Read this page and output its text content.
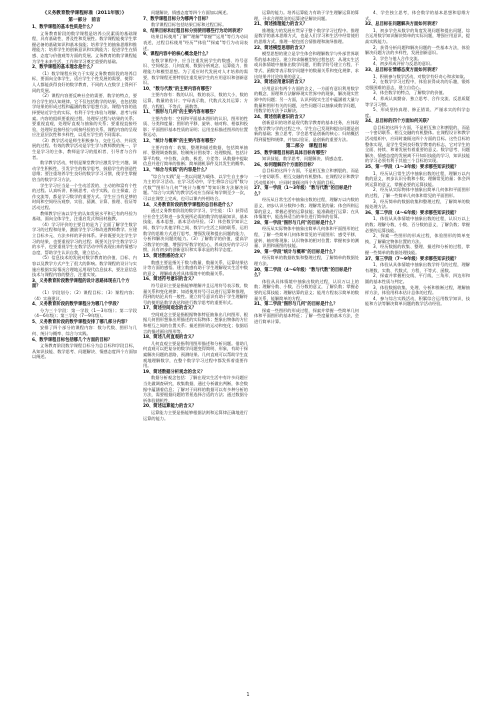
《义务教育数学课程标准（2011年版）》

第一部分　前言

1、数学课程的基本性质是什么？

义务教育阶段的数学课程是培养公民素质的基础课程，具有基础性、普及性和发展性。数学课程能使学生掌握必备的基础知识和基本技能；培养学生的抽象思维和推理能力；培养学生的创新意识和实践能力；促进学生在情感、态度与价值观等方面的发展。义务教育的数学课程能为学生未来生活、工作和学习奠定重要的基础。

2、数学课程的基本理念是什么？

（1）数学课程应致力于实现义务教育阶段的培养目标，要面向全体学生，适应学生个性发展的需要，使得：人人都能获得良好的数学教育，不同的人在数学上得到不同的发展。

（2）课程内容要反映社会的需要、数学的特点，要符合学生的认知规律。它不仅包括数学的结果，也包括数学结果的形成过程和蕴涵的数学思想方法。课程内容的选择要贴近学生的实际，有利于学生体验与理解、思考与探索。内容的组织要重视过程，处理好过程与结果的关系；要重视直观，处理好直观与抽象的关系；要重视直接经验，处理好直接经验与间接经验的关系。课程内容的呈现应注意层次性和多样性，以适应学生的不同需求。

（3）教学活动是师生积极参与、交往互动、共同发展的过程。有效的教学活动是学生学与教师教的统一，学生是学习的主体，教师是学习的组织者、引导者与合作者。

数学教学活动，特别是课堂教学应激发学生兴趣，调动学生积极性，引发学生的数学思考，鼓励学生的创造性思维；要注重培养学生良好的数学学习习惯，使学生掌握恰当的数学学习方法。

学生学习应当是一个生动活泼的、主动的和富有个性的过程。认真听讲、积极思考、动手实践、自主探索、合作交流等，都是学习数学的重要方式。学生应当有足够的时间和空间经历观察、实验、猜测、计算、推理、验证等活动过程。

教师教学应该以学生的认知发展水平和已有的经验为基础，面向全体学生，注重启发式和因材施教。

（4）学习评价的主要目的是为了全面了解学生数学学习的过程和结果，激励学生学习和改进教师教学。应建立目标多元、方法多样的评价体系。评价既要关注学生学习的结果，也要重视学习的过程；既要关注学生数学学习的水平，也要重视学生在数学活动中所表现出来的情感与态度，帮助学生认识自我，建立信心。

（5）信息技术的发展对数学教育的价值、目标、内容以及教学方式产生了很大的影响。数学课程的设计与实施应根据实际情况合理地运用现代信息技术，要注意信息技术与课程内容的整合，注重实效。

3、义务教育阶段数学课程的设计思路体现在几个方面？

（1）学段划分；（2）课程目标；（3）课程内容；（4）实施建议。

4、义务教育阶段的数学课程分为哪几个学段？

分为三个学段：第一学段（1～3年级）；第二学段（4～6年级）；第三学段（7～9年级）。

5、义务教育阶段的数学课程安排了哪几部分内容？

安排了四个部分的课程内容：数与代数、图形与几何、统计与概率、综合与实践。

6、数学课程目标包括哪几个方面的目标？

义务教育阶段数学课程目标分为总目标和学段目标，从知识技能、数学思考、问题解决、情感态度四个方面加以阐述。

问题解决、情感态度等四个方面加以阐述。

7、数学课程目标分为哪两个目标？

数学课程目标包括结果目标和过程目标。

8、结果目标和过程目标分别使用哪些行为动词表述？

结果目标使用"了解""理解""掌握""运用"等行为动词表述，过程目标使用"经历""体验""探索"等行为动词表述。

9、课程内容中的核心概念是什么？

在数学课程中，应当注重发展学生的数感、符号意识、空间观念、几何直观、数据分析观念、运算能力、推理能力和模型思想。为了适应时代发展对人才培养的需要，数学课程还要特别注重发展学生的应用意识和创新意识。

10、"数与代数"的主要内容有哪些？

主要内容有：数的认识，数的表示，数的大小，数的运算，数量的估计；字母表示数，代数式及其运算；方程、方程组、不等式、函数等。

11、"图形与几何"的主要内容有哪些？

主要内容有：空间和平面基本图形的认识，图形的性质、分类和度量；图形的平移、旋转、轴对称、相似和投影；平面图形基本性质的证明；运用坐标描述图形的位置和运动。

12、"统计与概率"的主要内容有哪些？

主要内容有：收集、整理和描述数据，包括简单抽样、整理调查数据、绘制统计图表等；处理数据，包括计算平均数、中位数、众数、极差、方差等；从数据中提取信息并进行简单的推断；简单随机事件及其发生的概率。

13、"综合与实践"的内容是什么？

"综合与实践"是一类以问题为载体、以学生自主参与为主的学习活动。在学习活动中，学生将综合运用"数与代数""图形与几何""统计与概率"等知识和方法解决问题。"综合与实践"的教学活动应当保证每学期至少一次，可以在课堂上完成，也可以课内外相结合。

14、义务教育阶段的数学课程的总目标是什么？

通过义务教育阶段的数学学习，学生能：（1）获得适应社会生活和进一步发展所必需的数学的基础知识、基本技能、基本思想、基本活动经验。（2）体会数学知识之间、数学与其他学科之间、数学与生活之间的联系，运用数学的思维方式进行思考，增强发现和提出问题的能力、分析和解决问题的能力。（3）了解数学的价值，提高学习数学的兴趣，增强学好数学的信心，养成良好的学习习惯，具有初步的创新意识和实事求是的科学态度。

15、简述数感的含义？

数感主要是指关于数与数量、数量关系、运算结果估计等方面的感悟。建立数感有助于学生理解现实生活中数的意义，理解或表述具体情境中的数量关系。

16、简述符号意识的含义？

符号意识主要是指能够理解并且运用符号表示数、数量关系和变化规律；知道使用符号可以进行运算和推理，得到的结论具有一般性。建立符号意识有助于学生理解符号的使用是数学表达和进行数学思考的重要形式。

17、简述空间观念的含义？

空间观念主要是指根据物体特征抽象出几何图形，根据几何图形想象出所描述的实际物体；想象出物体的方位和相互之间的位置关系；描述图形的运动和变化；依据语言的描述画出图形等。

18、简述几何直观的含义？

几何直观主要是指利用图形描述和分析问题。借助几何直观可以把复杂的数学问题变得简明、形象，有助于探索解决问题的思路，预测结果。几何直观可以帮助学生直观地理解数学，在整个数学学习过程中都发挥着重要作用。

19、简述数据分析观念的含义？

数据分析观念包括：了解在现实生活中有许多问题应当先做调查研究，收集数据，通过分析做出判断，体会数据中蕴涵着信息；了解对于同样的数据可以有多种分析的方法，需要根据问题的背景选择合适的方法；通过数据分析体验随机性。

20、简述运算能力的含义？

运算能力主要是指能够根据法则和运算律正确地进行运算的能力。

运算的能力。培养运算能力有助于学生理解运算的算理，寻求合理简洁的运算途径解决问题。

21、简述推理能力的含义？

推理能力的发展应贯穿于整个数学学习过程中。推理是数学的基本思维方式，也是人们学习和生活中经常使用的思维方式。推理一般包括合情推理和演绎推理。

22、简述模型思想的含义？

模型思想的建立是学生体会和理解数学与外部世界联系的基本途径。建立和求解模型的过程包括：从现实生活或具体情境中抽象出数学问题，用数学符号建立方程、不等式、函数等表示数学问题中的数量关系和变化规律，求出结果并讨论结果的意义。

23、简述应用意识的含义？

应用意识有两个方面的含义，一方面有意识利用数学的概念、原理和方法解释现实世界中的现象，解决现实世界中的问题；另一方面，认识到现实生活中蕴涵着大量与数量和图形有关的问题，这些问题可以抽象成数学问题，用数学的方法予以解决。

24、简述创新意识的含义？

创新意识的培养是现代数学教育的基本任务，应体现在数学教与学的过程之中。学生自己发现和提出问题是创新的基础；独立思考、学会思考是创新的核心；归纳概括得到猜想和规律，并加以验证，是创新的重要方法。

第二部分　课程目标

25、数学课程目标的具体目标有哪些？

知识技能、数学思考、问题解决、情感态度。

26、如何理解四个方面的目标？

总目标的这四个方面，不是相互独立和割裂的，而是一个密切联系、相互交融的有机整体。在课程设计和教学活动组织中，应同时兼顾这四个方面的目标。

27、第一学段（1～3年级）"数与代数"的目标是什么？

经历从日常生活中抽象出数的过程，理解万以内数的意义，初步认识分数和小数；理解常见的量；体会四则运算的意义，掌握必要的运算技能；能准确进行运算；在具体情境中，能选择适当的单位进行简单的估算。

28、第一学段"图形与几何"的目标是什么？

经历从实际物体中抽象出简单几何体和平面图形的过程，了解一些简单几何体和常见的平面图形；感受平移、旋转、轴对称现象；认识物体的相对位置；掌握初步的测量、识图和画图的技能。

29、第一学段"统计与概率"的目标是什么？

经历简单的数据收集和整理过程，了解简单的数据处理方法。

30、第二学段（4～6年级）"数与代数"的目标是什么？

体验从具体情境中抽象出数的过程，认识万以上的数；理解分数、小数、百分数的意义，了解负数；掌握必要的运算技能；理解估算的意义；能用方程表示简单的数量关系，能解简单的方程。

31、第二学段"图形与几何"的目标是什么？

探索一些图形的形成过程，探索并掌握一些简单几何体和平面图形的基本特征；了解一些度量的基本方法，会进行简单计算。

4、学会独立思考，体会数学的基本思想和思维方式。

32、总目标在问题解决方面如何表述？

1、初步学会从数学的角度发现问题和提出问题，综合运用数学知识解决简单的实际问题，增强应用意识，提高实践能力。

2、获得分析问题和解决问题的一些基本方法，体验解决问题方法的多样性，发展创新意识。

3、学会与他人合作交流。

4、初步形成评价与反思的意识。

33、总目标在情感态度方面如何表述？

1、积极参与数学活动，对数学有好奇心和求知欲。

2、在数学学习过程中，体验获得成功的乐趣，锻炼克服困难的意志，建立自信心。

3、体会数学的特点，了解数学的价值。

4、养成认真勤奋、独立思考、合作交流、反思质疑等学习习惯。

5、形成坚持真理、修正错误、严谨求实的科学态度。

34、总目标的四个方面如何关联？

总目标的这四个方面，不是相互独立和割裂的，而是一个密切联系、相互交融的有机整体。在课程设计和教学活动组织中，应同时兼顾这四个方面的目标。这些目标的整体实现，是学生受到良好数学教育的标志，它对学生的全面、持续、和谐发展有着重要的意义。数学思考、问题解决、情感态度的发展离不开知识技能的学习，知识技能的学习必须有利于其他三个目标的实现。

35、第一学段（1～3年级）要求哪些知识技能？

1、经历从日常生活中抽象出数的过程，理解万以内数的意义，初步认识分数和小数；理解常见的量；体会四则运算的意义，掌握必要的运算技能。

2、经历从实际物体中抽象出简单几何体和平面图形的过程，了解一些简单几何体和常见的平面图形。

3、经历简单的数据收集和整理过程，了解简单的数据处理方法。

36、第二学段（4～6年级）要求哪些知识技能？

1、体验从具体情境中抽象出数的过程，认识万以上的数；理解分数、小数、百分数的意义，了解负数；掌握必要的运算技能。

2、探索一些图形的形成过程，体验图形的简单变换，了解确定物体位置的方法。

3、经历数据的收集、整理、描述和分析的过程，掌握一些简单的数据处理技能。

37、第三学段（7～9年级）要求哪些知识技能？

1、体验从具体情境中抽象出数学符号的过程，理解有理数、实数、代数式、方程、不等式、函数。

2、探索并掌握相交线、平行线、三角形、四边形和圆的基本性质与判定。

3、体验数据收集、处理、分析和推断过程，理解抽样方法，体验用样本估计总体的过程。

4、参与综合实践活动，积累综合运用数学知识、技能和方法等解决简单问题的数学活动经验。

1
